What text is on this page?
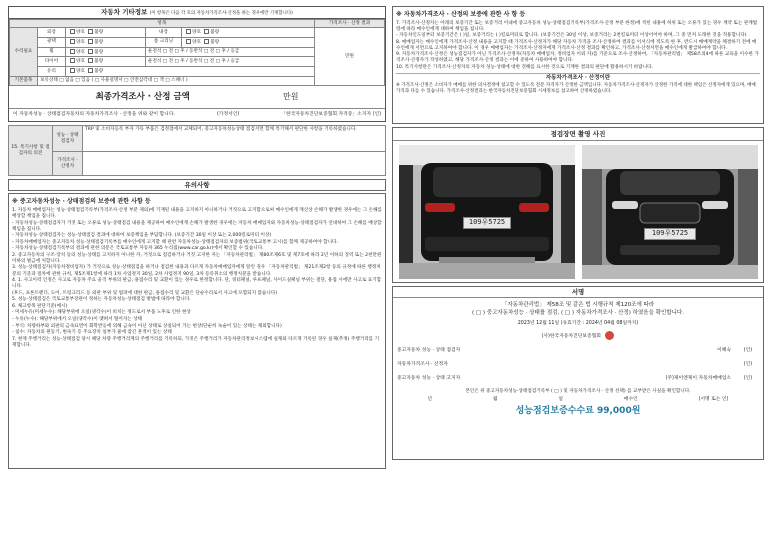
자동차 기타정보 (이 항목은 다음 각 호의 자동차가격조사·산정을 하는 경우에만 기재합니다)
항목					가격조사 · 산정 결과
수리필요	외장	양호 불량	내장	양호 불량	만원
	광택	양호 불량	룸 크리닝	양호 불량	
	휠	양호 불량	운전석 □ 전 □ 후 / 동반석 □ 전 □ 후 / 응급		
	타이어	양호 불량	운전석 □ 전 □ 후 / 동반석 □ 전 □ 후 / 응급		
	유리	양호 불량			
기본품목	보유상태 □ 없음 □ 있음 ( □ 사용설명서 □ 안전삼각대 □ 잭 □ 스패너 )				
최종가격조사 · 산정 금액	만원
이 자동차성능 · 상태점검자동차의 자동차가격조사 · 산정을 위와 같이 합니다.	(가정서인)	「한국자동차진단보증협회 자격증」소지자 (인)
15. 특기사항 및 점검자의 의견	성능 · 상태 점검자	TRP 및 소비자등록 부자 가득 부품은 검정점에서 교체되어, 중고자동차성능상태 점검서면 함께 특기해서 판단한 사항을 기록하였습니다.
	가격조사 · 산정자	
유의사항
※ 중고자동차성능 · 상태점검의 보증에 관한 사항 등
1. 자동차 매매업자는 성능·상태점검기록부(가격조사·산정 부분 제외)에 기재된 내용을 고지하지 아니하거나 거짓으로 고지함으로써 매수인에게 재산상 손해가 발생한 경우에는 그 손해를 배상할 책임을 집니다.
- 자동차성능·상태점검자가 거짓 또는 오류로 성능·상태점검 내용을 제공하여 매수인에게 손해가 발생한 경우에는 자동차 매매업자와 자동차성능·상태점검자가 연대하여 그 손해를 배상할 책임을 집니다.
- 자동차성능·상태점검자는 성능·상태점검 결과에 대하여 보증책임을 부담합니다. (보증기간 30일 이상 또는 2,000킬로미터 이상)
- 자동차매매업자는 중고자동차 성능·상태점검기록부를 매수인에게 고지할 때 관련 자동차성능·상태점검자의 보증범위(국토교통부 고시)를 함께 제공하여야 합니다.
- 자동차성능·상태점검기록부의 결과에 관한 의문은 국토교통부 자동차 365 누리집(www.car.go.kr)에서 확인할 수 있습니다.
2. 중고자동차의 구조·장치 등의 성능·상태를 고지하지 아니한 자, 거짓으로 점검하거나 거짓 고지한 자는 「자동차관리법」 제80조제6호 및 제7호에 따라 2년 이하의 징역 또는 2천만원 이하의 벌금에 처합니다.
3. 성능·상태점검자(자동차정비업자) 가 거짓으로 성능·상태점검을 하거나 점검한 내용과 다르게 자동차매매업자에게 알린 경우 「자동차관리법」 제21조제2항 등의 규정에 따른 행정처분의 기준과 절차에 관한 규칙, 제5조제1항에 따라 1차 사업정지 30일, 2차 사업정지 90일, 3차 등록취소의 행정처분을 받습니다.
4. 1. 사고이력 인정은 사고로 자동차 주요 골격 부위의 판금, 용접수리 및 교환이 있는 경우로 한정합니다. 단, 쿼터패널, 루프패널, 사이드실패널 부위는 절단, 용접 시에만 사고로 표기합니다.
(후드, 프론트펜더, 도어, 트렁크리드 등 외판 부위 및 범퍼에 대한 판금, 용접수리 및 교환은 단순수리로서 사고에 포함되지 않습니다)
5. 성능·상태점검은 국토교통부장관이 정하는 자동차성능·상태점검 방법에 따라야 합니다.
6. 체크항목 판단기준(예시)
- 미세누유(미세누수): 해당부위에 오일(냉각수)이 비치는 정도로서 부품 노후로 인한 현상
- 누유(누수): 해당부위에서 오일(냉각수)이 맺혀서 떨어지는 상태
- 부식: 차량하부와 외판의 금속표면이 화학반응에 의해 금속이 아닌 상태로 상실되어 가는 현상(단순히 녹슬어 있는 상태는 제외합니다)
- 침수: 자동차의 원동기, 변속기 등 주요장치 일부가 물에 잠긴 흔적이 있는 상태
7. 현재 주행거리는 성능·상태점검 당시 해당 차량 주행거리계의 주행거리를 기록하되, 가짓은 주행거리가 자동차관리정보시스템에 실제와 다르게 기록된 경우 실제(추정) 주행거리를 기재합니다.
※ 자동차가격조사 · 산정의 보증에 관한 사 항 등
7. 가격조사·산정자는 아래의 보증기간 또는 보증거리 이내에 중고자동차 성능·상태점검기록부(가격조사·산정 부분 한정)에 적힌 내용에 허위 또는 오류가 있는 경우 계약 또는 관계법령에 따라 매수인에게 대하여 책임을 집니다.
- 자동차인도일부터 보증기간은 ( )일, 보증거리는 ( )킬로미터로 합니다. (보증기간은 30일 이상, 보증거리는 2천킬로미터 이상이어야 하며, 그 중 먼저 도래한 것을 적용합니다)
8. 매매업자는 매수인에게 가격조사·산정 내용을 고지할 때 가격조사·산정자가 해당 자동차 가격을 조사·산정하여 결과를 이서식에 적도록 한 후, 반드시 매매계약을 체결하기 전에 매수인에게 서면으로 고지하여야 합니다. 이 경우 매매업자는 가격조사·산정자에게 가격조사·산정 결과를 확인하고, 가격조사·산정서면을 매수인에게 발급하여야 합니다.
9. 자동차가격조사·산정은 성능점검자가 아닌 가격조사·산정자(자동차 매매업자, 정비업자 이외 자)를 기준으로 조사·산정하여, 「자동차관리법」 제58조의4에 따른 교육을 이수한 가격조사·산정자가 작성하였고, 해당 가격조사·산정 결과는 이에 준하여 사용하여야 합니다.
10. 특기사항란은 가격조사·산정자의 자동차 성능·상태에 대한 견해를 표시한 것으로 기재한 결과의 판단에 활용하시기 바랍니다.
자동차가격조사 · 산정이란
※ 가격조사·산정은 소비자가 매매를 위한 의사결정에 참고할 수 있도록 전문 자격자가 산정한 금액입니다. 자동차가격조사·산정자가 산정한 가격에 대한 책임은 산정자에게 있으며, 매매가격과 다를 수 있습니다. 가격조사·산정결과는 한국자동차진단보증협회 시세정보를 참고하여 산정하였습니다.
점검장면 촬영 사진
109우5725
109우5725
서명
「자동차관리법」 제58조 및 같은 법 시행규칙 제120조에 따라
( □ ) 중고자동차성능 · 상태를 점검, ( □ ) 자동차가격조사 · 산정) 하였음을 확인합니다.
2023년 12월 11일 (유효기간 : 2024년 04월 08일까지)
(사)한국자동차진단보증협회
중고자동차 성능 · 상태 점검자	이혜숙	(인)
자동차가격조사 · 산정자	(인)
중고자동차 성능 · 상태 고지자	(주)제이엔제이 자동차매매업소	(인)
본인은 위 중고자동차성능·상태점검기록부 ( □ ) 및 자동차가격조사 · 산정 선택) 를 교부받은 사실을 확인합니다.
년	월	일	매수인	(서명 또는 인)
성능점검보증수수료 99,000원
